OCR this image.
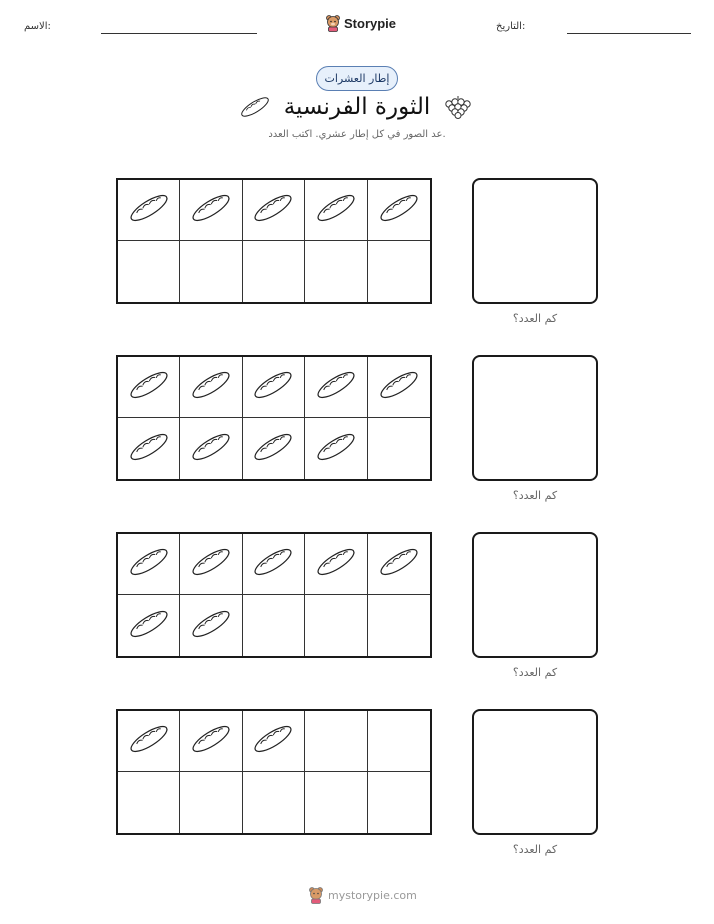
الاسم:	Storypie	التاريخ:
إطار العشرات
الثورة الفرنسية
عد الصور في كل إطار عشري. اكتب العدد.
كم العدد؟
كم العدد؟
كم العدد؟
كم العدد؟
mystorypie.com
